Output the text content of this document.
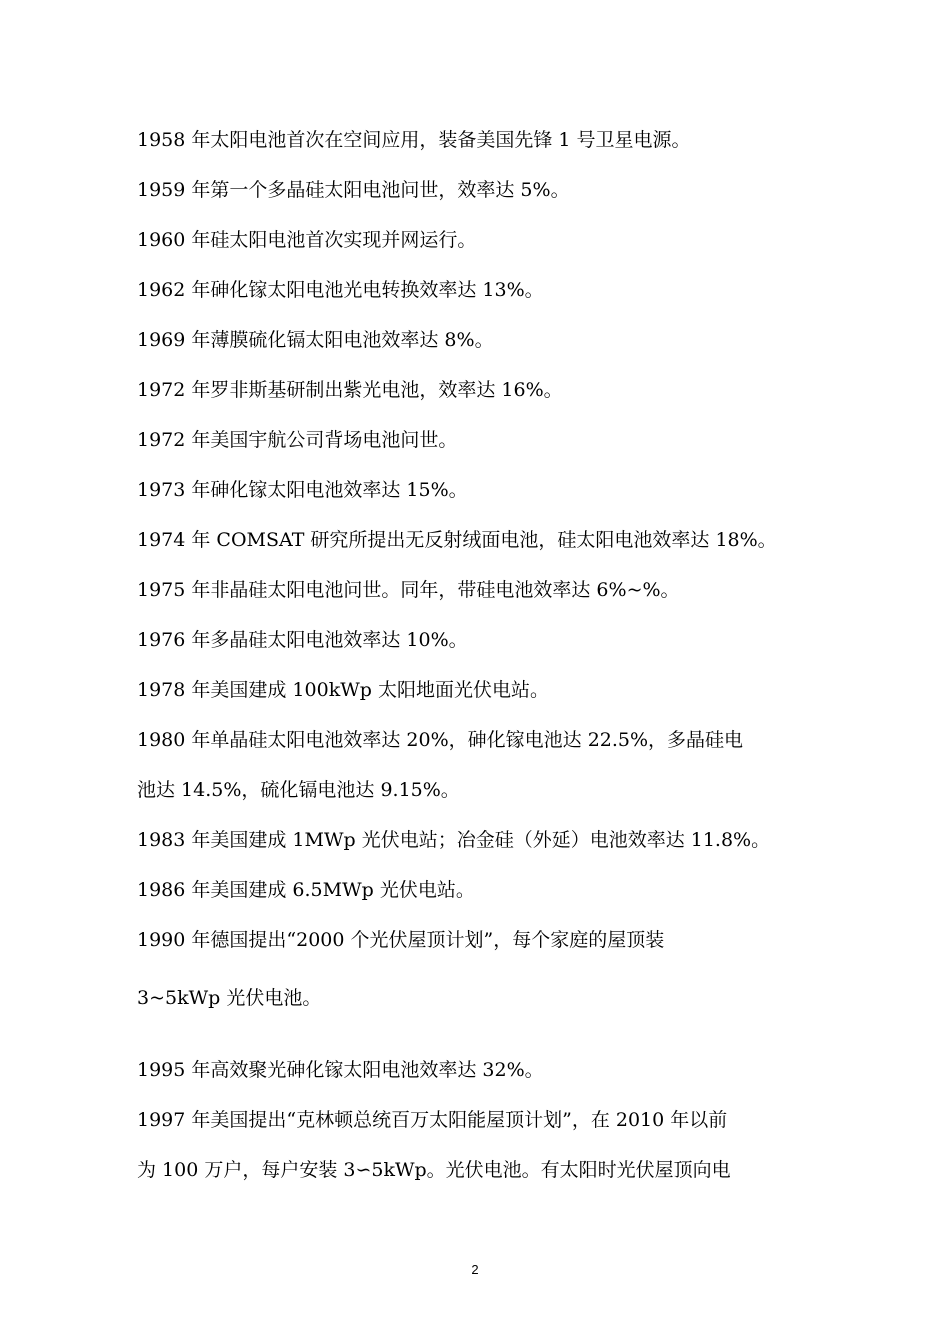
1958 年太阳电池首次在空间应用，装备美国先锋 1 号卫星电源。
1959 年第一个多晶硅太阳电池问世，效率达 5%。
1960 年硅太阳电池首次实现并网运行。
1962 年砷化镓太阳电池光电转换效率达 13%。
1969 年薄膜硫化镉太阳电池效率达 8%。
1972 年罗非斯基研制出紫光电池，效率达 16%。
1972 年美国宇航公司背场电池问世。
1973 年砷化镓太阳电池效率达 15%。
1974 年 COMSAT 研究所提出无反射绒面电池，硅太阳电池效率达 18%。
1975 年非晶硅太阳电池问世。同年，带硅电池效率达 6%~%。
1976 年多晶硅太阳电池效率达 10%。
1978 年美国建成 100kWp 太阳地面光伏电站。
1980 年单晶硅太阳电池效率达 20%，砷化镓电池达 22.5%，多晶硅电
池达 14.5%，硫化镉电池达 9.15%。
1983 年美国建成 1MWp 光伏电站；冶金硅（外延）电池效率达 11.8%。
1986 年美国建成 6.5MWp 光伏电站。
1990 年德国提出“2000 个光伏屋顶计划”，每个家庭的屋顶装
3~5kWp 光伏电池。
1995 年高效聚光砷化镓太阳电池效率达 32%。
1997 年美国提出“克林顿总统百万太阳能屋顶计划”，在 2010 年以前
为 100 万户，每户安装 3∽5kWp。光伏电池。有太阳时光伏屋顶向电
2
